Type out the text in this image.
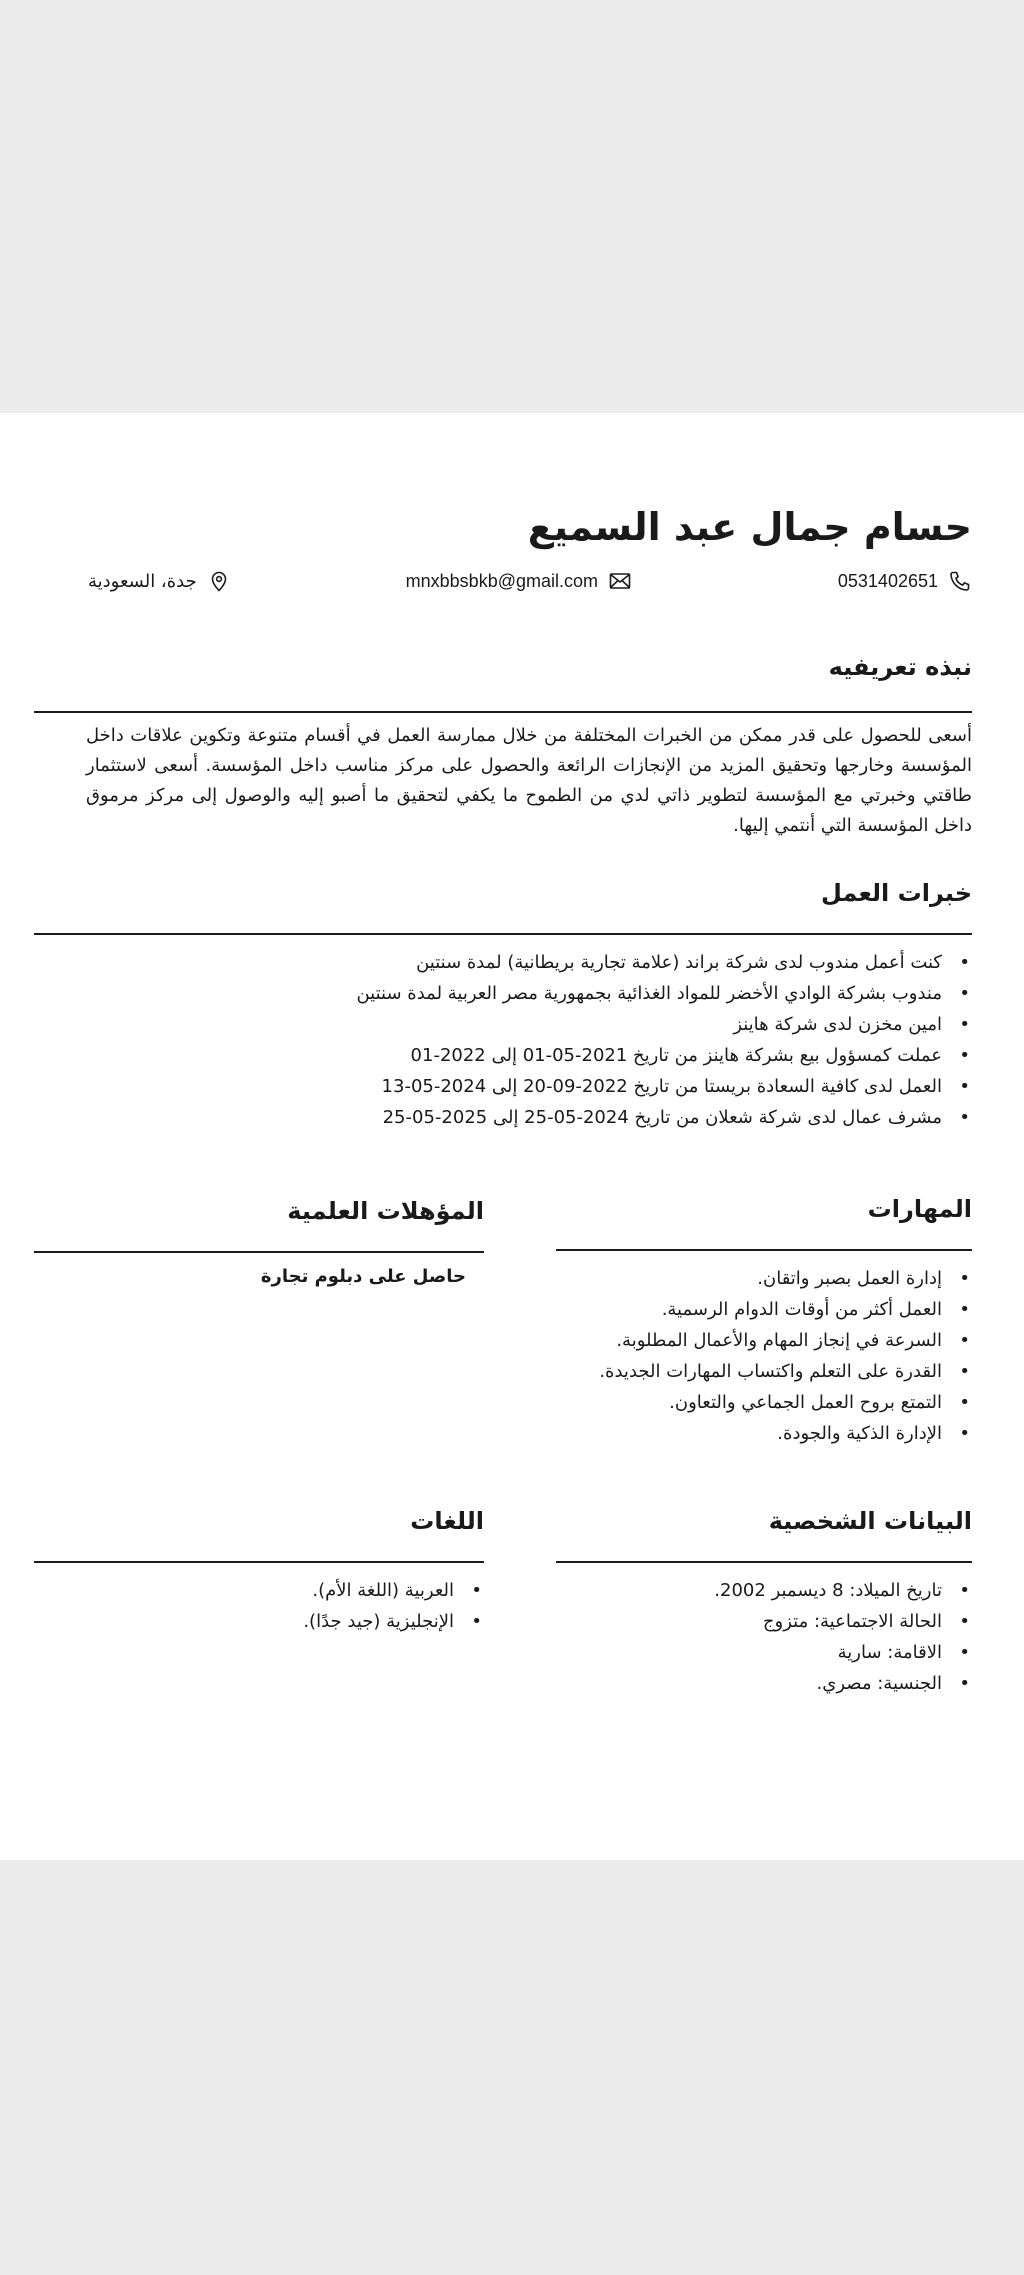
حسام جمال عبد السميع
0531402651
mnxbbsbkb@gmail.com
جدة، السعودية
نبذه تعريفيه

أسعى للحصول على قدر ممكن من الخبرات المختلفة من خلال ممارسة العمل في أقسام متنوعة وتكوين علاقات داخل المؤسسة وخارجها وتحقيق المزيد من الإنجازات الرائعة والحصول على مركز مناسب داخل المؤسسة. أسعى لاستثمار طاقتي وخبرتي مع المؤسسة لتطوير ذاتي لدي من الطموح ما يكفي لتحقيق ما أصبو إليه والوصول إلى مركز مرموق داخل المؤسسة التي أنتمي إليها.

خبرات العمل
• كنت أعمل مندوب لدى شركة براند (علامة تجارية بريطانية) لمدة سنتين
• مندوب بشركة الوادي الأخضر للمواد الغذائية بجمهورية مصر العربية لمدة سنتين
• امين مخزن لدى شركة هاينز
• عملت كمسؤول بيع بشركة هاينز من تاريخ 2021-05-01 إلى 2022-01
• العمل لدى كافية السعادة بريستا من تاريخ 2022-09-20 إلى 2024-05-13
• مشرف عمال لدى شركة شعلان من تاريخ 2024-05-25 إلى 2025-05-25
المهارات
• إدارة العمل بصبر واتقان.
• العمل أكثر من أوقات الدوام الرسمية.
• السرعة في إنجاز المهام والأعمال المطلوبة.
• القدرة على التعلم واكتساب المهارات الجديدة.
• التمتع بروح العمل الجماعي والتعاون.
• الإدارة الذكية والجودة.
المؤهلات العلمية

حاصل على دبلوم تجارة

البيانات الشخصية
• تاريخ الميلاد: 8 ديسمبر 2002.
• الحالة الاجتماعية: متزوج
• الاقامة: سارية
• الجنسية: مصري.
اللغات
• العربية (اللغة الأم).
• الإنجليزية (جيد جدًا).
